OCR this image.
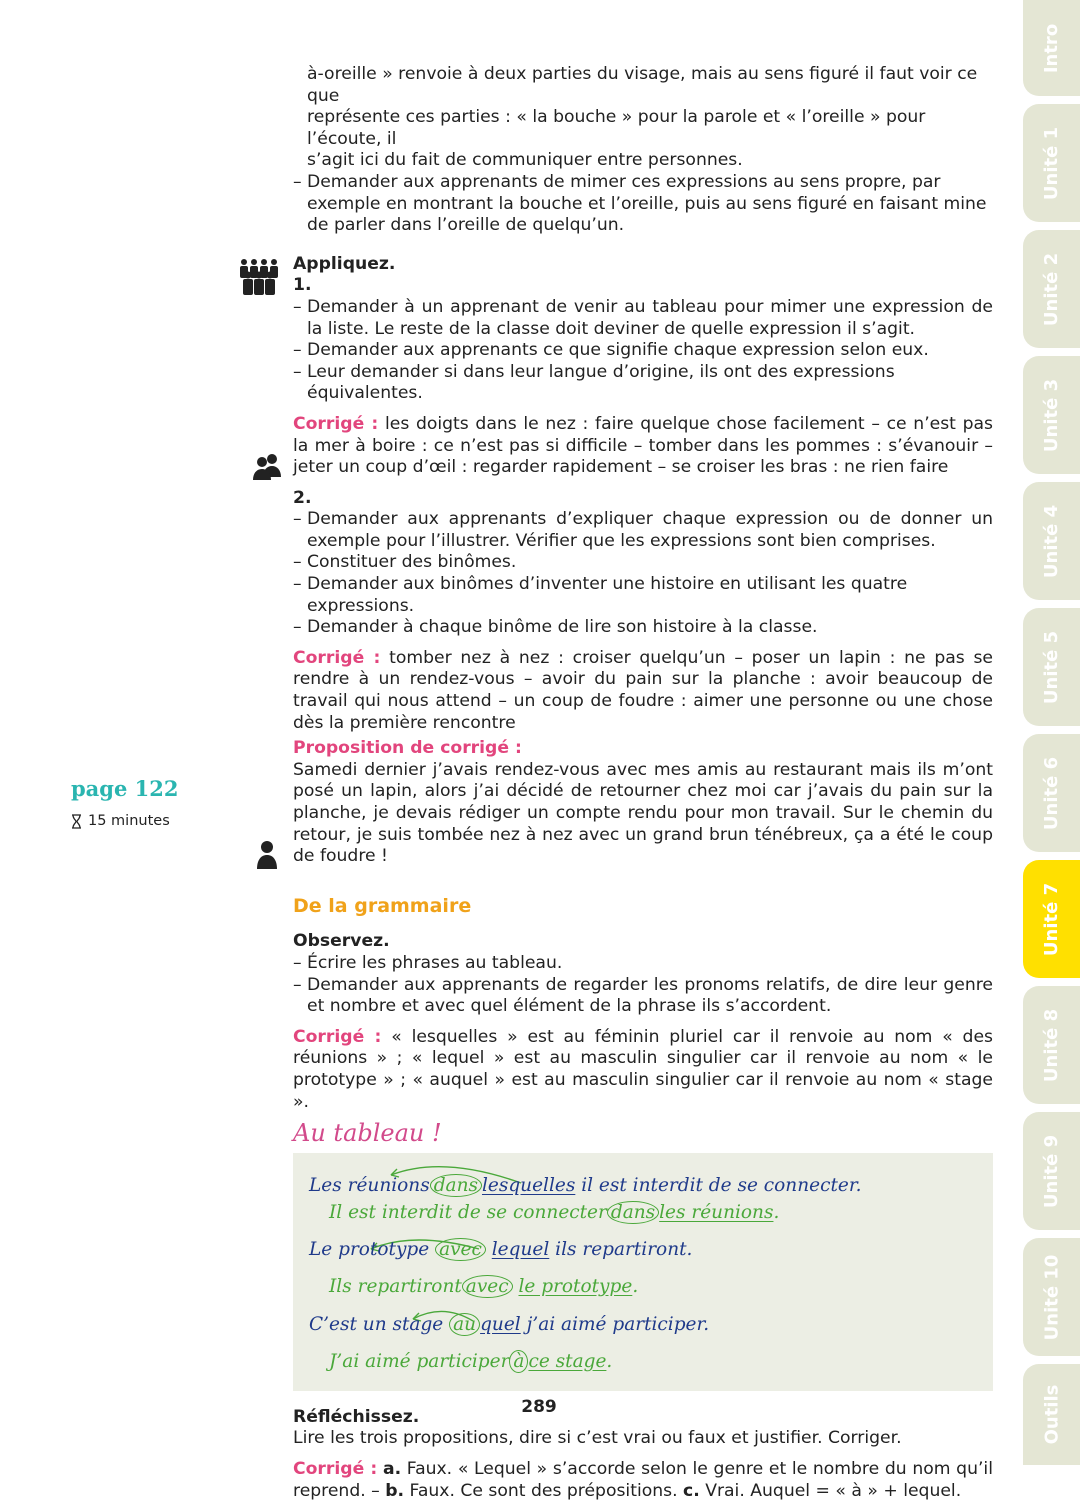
Intro
Unité 1
Unité 2
Unité 3
Unité 4
Unité 5
Unité 6
Unité 7
Unité 8
Unité 9
Unité 10
Outils
page 122
15 minutes

à-oreille » renvoie à deux parties du visage, mais au sens figuré il faut voir ce que

représente ces parties : « la bouche » pour la parole et « l’oreille » pour l’écoute, il

s’agit ici du fait de communiquer entre personnes.

– Demander aux apprenants de mimer ces expressions au sens propre, par exemple en montrant la bouche et l’oreille, puis au sens figuré en faisant mine de parler dans l’oreille de quelqu’un.

Appliquez.

1.

– Demander à un apprenant de venir au tableau pour mimer une expression de la liste. Le reste de la classe doit deviner de quelle expression il s’agit.

– Demander aux apprenants ce que signifie chaque expression selon eux.

– Leur demander si dans leur langue d’origine, ils ont des expressions équivalentes.

Corrigé : les doigts dans le nez : faire quelque chose facilement – ce n’est pas la mer à boire : ce n’est pas si difficile – tomber dans les pommes : s’évanouir – jeter un coup d’œil : regarder rapidement – se croiser les bras : ne rien faire

2.

– Demander aux apprenants d’expliquer chaque expression ou de donner un exemple pour l’illustrer. Vérifier que les expressions sont bien comprises.

– Constituer des binômes.

– Demander aux binômes d’inventer une histoire en utilisant les quatre expressions.

– Demander à chaque binôme de lire son histoire à la classe.

Corrigé : tomber nez à nez : croiser quelqu’un – poser un lapin : ne pas se rendre à un rendez-vous – avoir du pain sur la planche : avoir beaucoup de travail qui nous attend – un coup de foudre : aimer une personne ou une chose dès la première rencontre

Proposition de corrigé :

Samedi dernier j’avais rendez-vous avec mes amis au restaurant mais ils m’ont posé un lapin, alors j’ai décidé de retourner chez moi car j’avais du pain sur la planche, je devais rédiger un compte rendu pour mon travail. Sur le chemin du retour, je suis tombée nez à nez avec un grand brun ténébreux, ça a été le coup de foudre !

De la grammaire

Observez.

– Écrire les phrases au tableau.

– Demander aux apprenants de regarder les pronoms relatifs, de dire leur genre et nombre et avec quel élément de la phrase ils s’accordent.

Corrigé : « lesquelles » est au féminin pluriel car il renvoie au nom « des réunions » ; « lequel » est au masculin singulier car il renvoie au nom « le prototype » ; « auquel » est au masculin singulier car il renvoie au nom « stage ».

Au tableau !

Les réunions dans lesquelles il est interdit de se connecter.
Il est interdit de se connecter dans les réunions.
Le prototype avec lequel ils repartiront.
Ils repartiront avec le prototype.
C’est un stage au quel j’ai aimé participer.
J’ai aimé participer à ce stage.

Réfléchissez.

Lire les trois propositions, dire si c’est vrai ou faux et justifier. Corriger.

Corrigé : a. Faux. « Lequel » s’accorde selon le genre et le nombre du nom qu’il reprend. – b. Faux. Ce sont des prépositions. c. Vrai. Auquel = « à » + lequel.

289
